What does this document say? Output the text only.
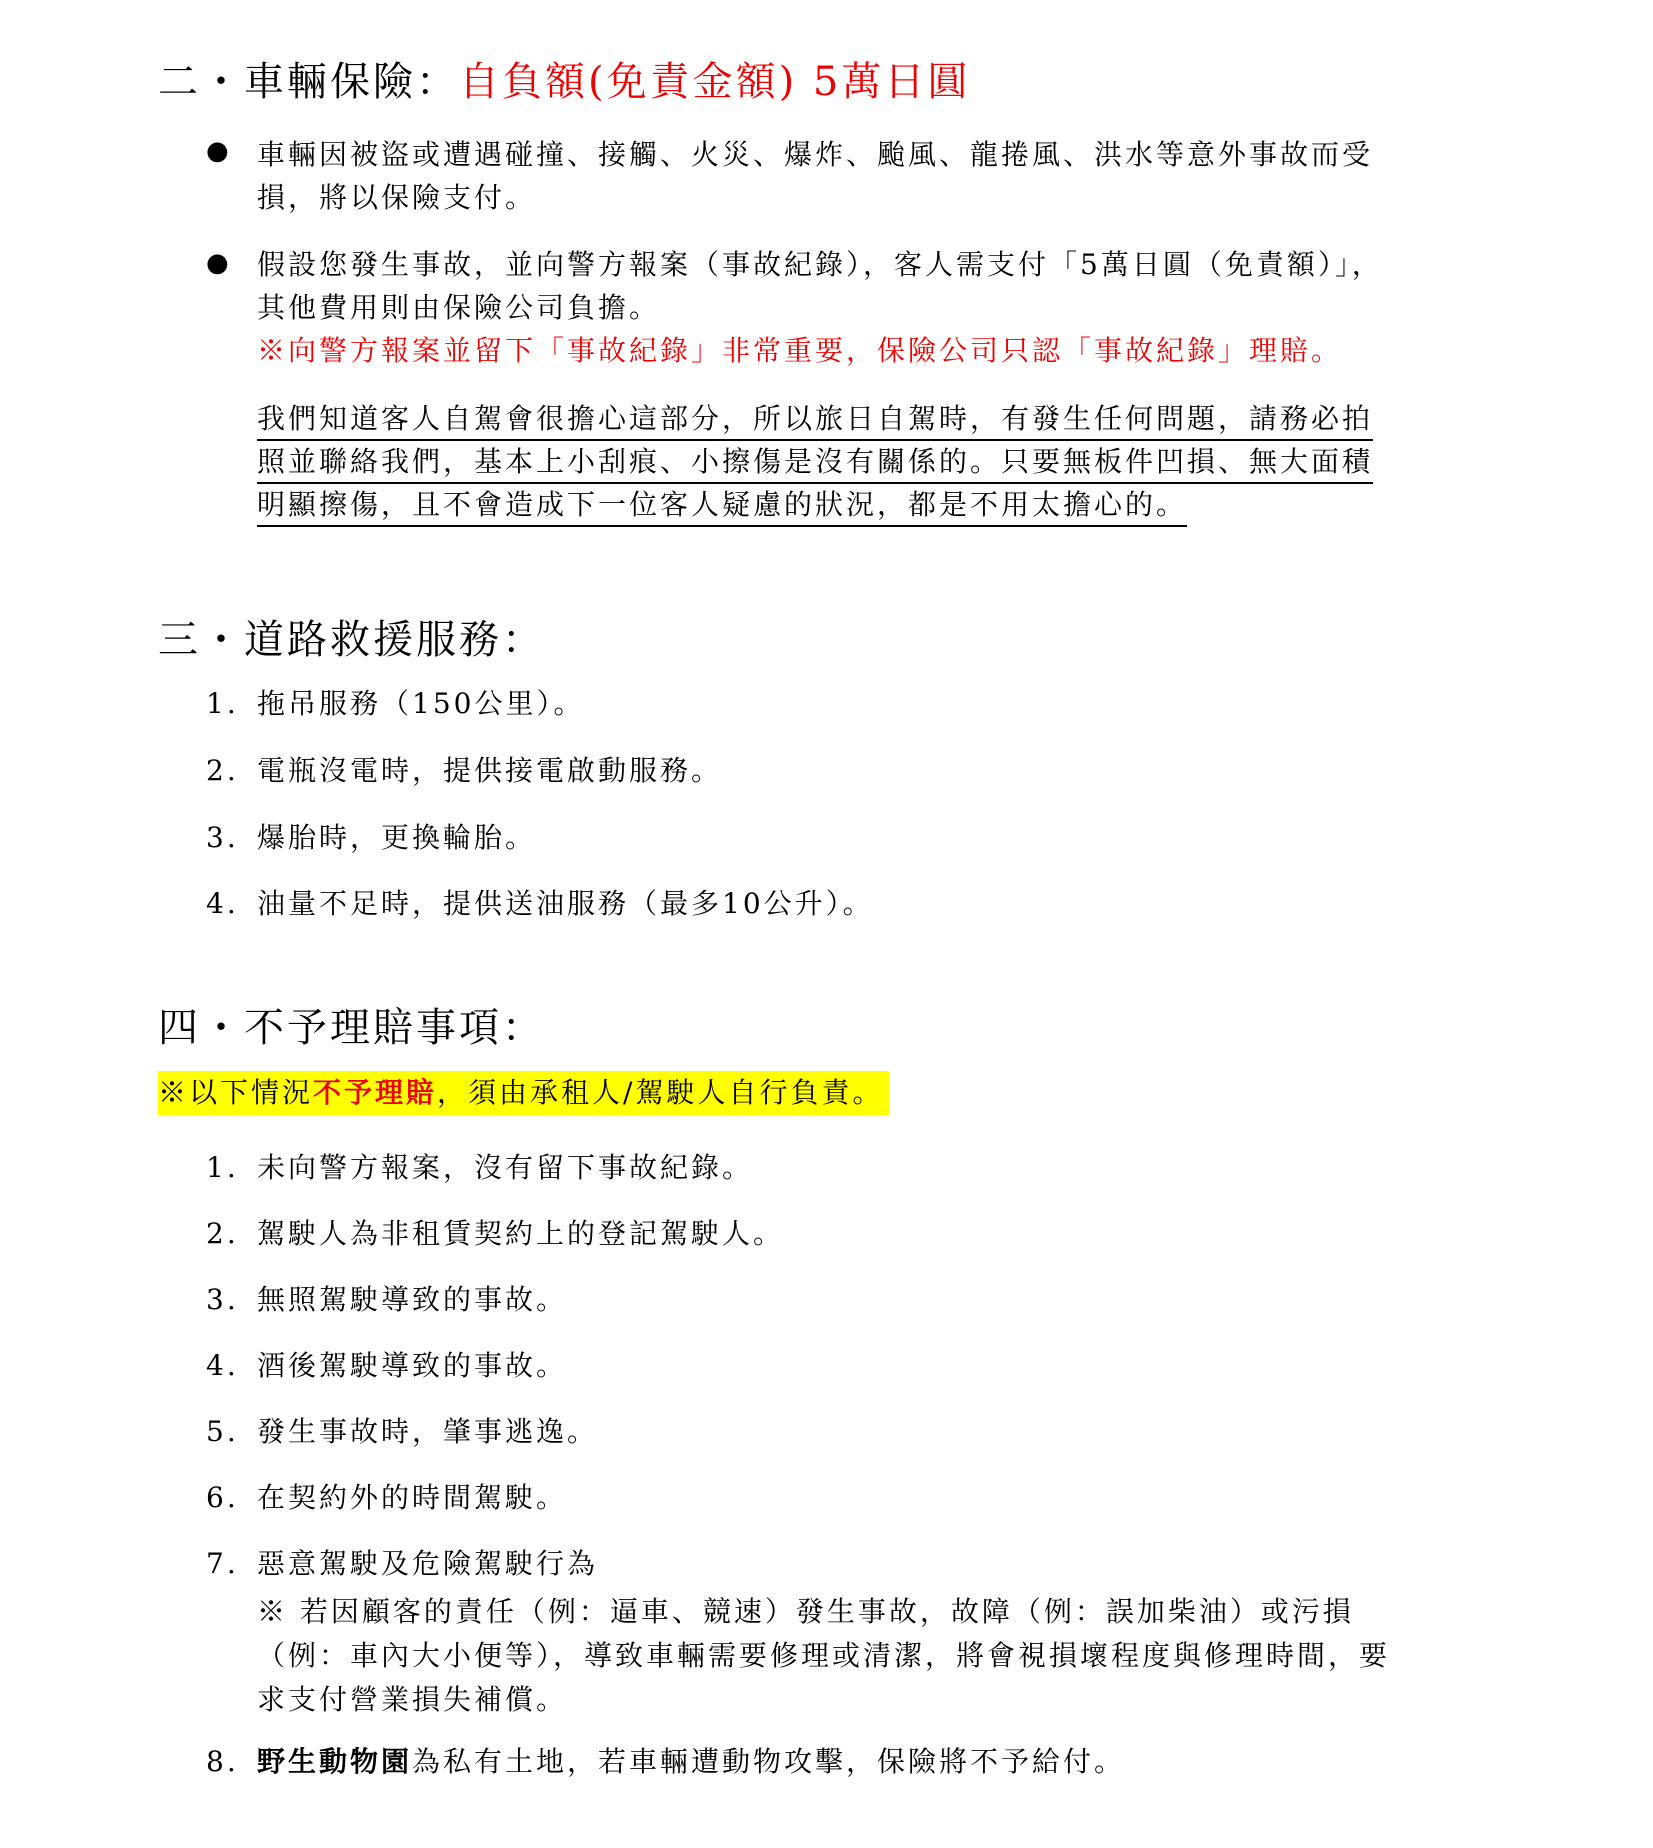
二・車輛保險：自負額(免責金額) 5萬日圓
● 車輛因被盜或遭遇碰撞、接觸、火災、爆炸、颱風、龍捲風、洪水等意外事故而受
損，將以保險支付。
● 假設您發生事故，並向警方報案（事故紀錄），客人需支付「5萬日圓（免責額）」，
其他費用則由保險公司負擔。
※向警方報案並留下「事故紀錄」非常重要，保險公司只認「事故紀錄」理賠。
我們知道客人自駕會很擔心這部分，所以旅日自駕時，有發生任何問題，請務必拍
照並聯絡我們，基本上小刮痕、小擦傷是沒有關係的。只要無板件凹損、無大面積
明顯擦傷，且不會造成下一位客人疑慮的狀況，都是不用太擔心的。
三・道路救援服務：
1. 拖吊服務（150公里）。
2. 電瓶沒電時，提供接電啟動服務。
3. 爆胎時，更換輪胎。
4. 油量不足時，提供送油服務（最多10公升）。
四・不予理賠事項：
※以下情況不予理賠，須由承租人/駕駛人自行負責。
1. 未向警方報案，沒有留下事故紀錄。
2. 駕駛人為非租賃契約上的登記駕駛人。
3. 無照駕駛導致的事故。
4. 酒後駕駛導致的事故。
5. 發生事故時，肇事逃逸。
6. 在契約外的時間駕駛。
7. 惡意駕駛及危險駕駛行為
※ 若因顧客的責任（例：逼車、競速）發生事故，故障（例：誤加柴油）或污損
（例：車內大小便等），導致車輛需要修理或清潔，將會視損壞程度與修理時間，要
求支付營業損失補償。
8. 野生動物園為私有土地，若車輛遭動物攻擊，保險將不予給付。
